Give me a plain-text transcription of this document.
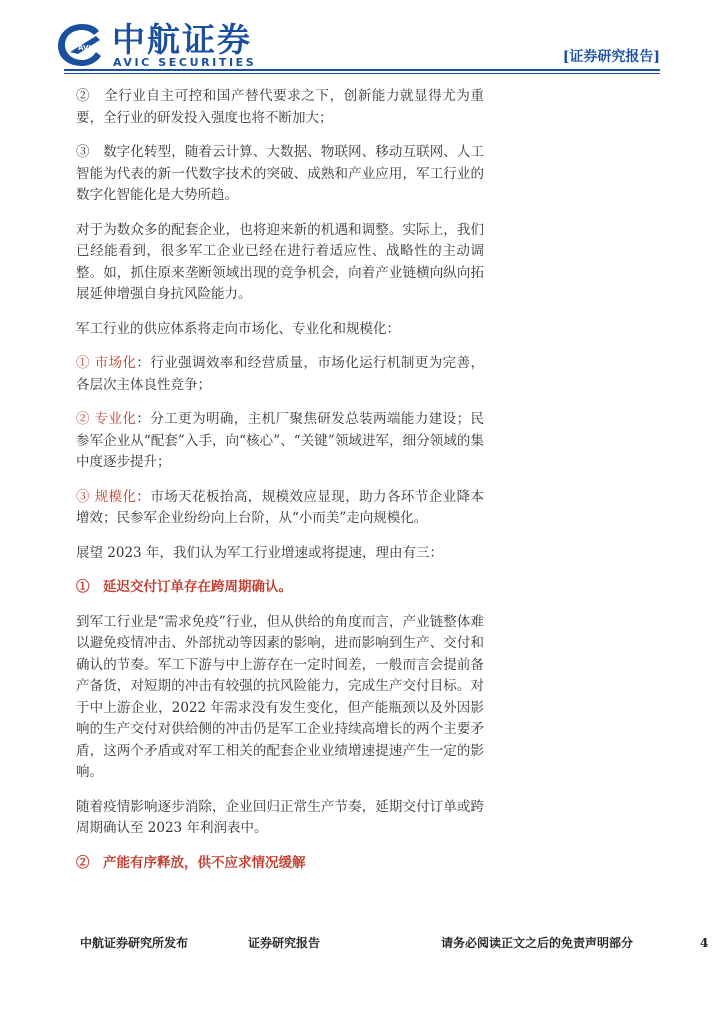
AVIC 中航证券
AVIC SECURITIES	[证券研究报告]

②　全行业自主可控和国产替代要求之下，创新能力就显得尤为重要，全行业的研发投入强度也将不断加大；

③　数字化转型，随着云计算、大数据、物联网、移动互联网、人工智能为代表的新一代数字技术的突破、成熟和产业应用，军工行业的数字化智能化是大势所趋。

对于为数众多的配套企业，也将迎来新的机遇和调整。实际上，我们已经能看到，很多军工企业已经在进行着适应性、战略性的主动调整。如，抓住原来垄断领域出现的竞争机会，向着产业链横向纵向拓展延伸增强自身抗风险能力。

军工行业的供应体系将走向市场化、专业化和规模化：

① 市场化：行业强调效率和经营质量，市场化运行机制更为完善，各层次主体良性竞争；

② 专业化：分工更为明确，主机厂聚焦研发总装两端能力建设；民参军企业从“配套”入手，向“核心”、“关键”领域进军，细分领域的集中度逐步提升；

③ 规模化：市场天花板抬高，规模效应显现，助力各环节企业降本增效；民参军企业纷纷向上台阶，从“小而美”走向规模化。

展望 2023 年，我们认为军工行业增速或将提速，理由有三：

①　延迟交付订单存在跨周期确认。

到军工行业是“需求免疫”行业，但从供给的角度而言，产业链整体难以避免疫情冲击、外部扰动等因素的影响，进而影响到生产、交付和确认的节奏。军工下游与中上游存在一定时间差，一般而言会提前备产备货，对短期的冲击有较强的抗风险能力，完成生产交付目标。对于中上游企业，2022 年需求没有发生变化，但产能瓶颈以及外因影响的生产交付对供给侧的冲击仍是军工企业持续高增长的两个主要矛盾，这两个矛盾或对军工相关的配套企业业绩增速提速产生一定的影响。

随着疫情影响逐步消除，企业回归正常生产节奏，延期交付订单或跨周期确认至 2023 年利润表中。

②　产能有序释放，供不应求情况缓解

中航证券研究所发布	证券研究报告	请务必阅读正文之后的免责声明部分	4
